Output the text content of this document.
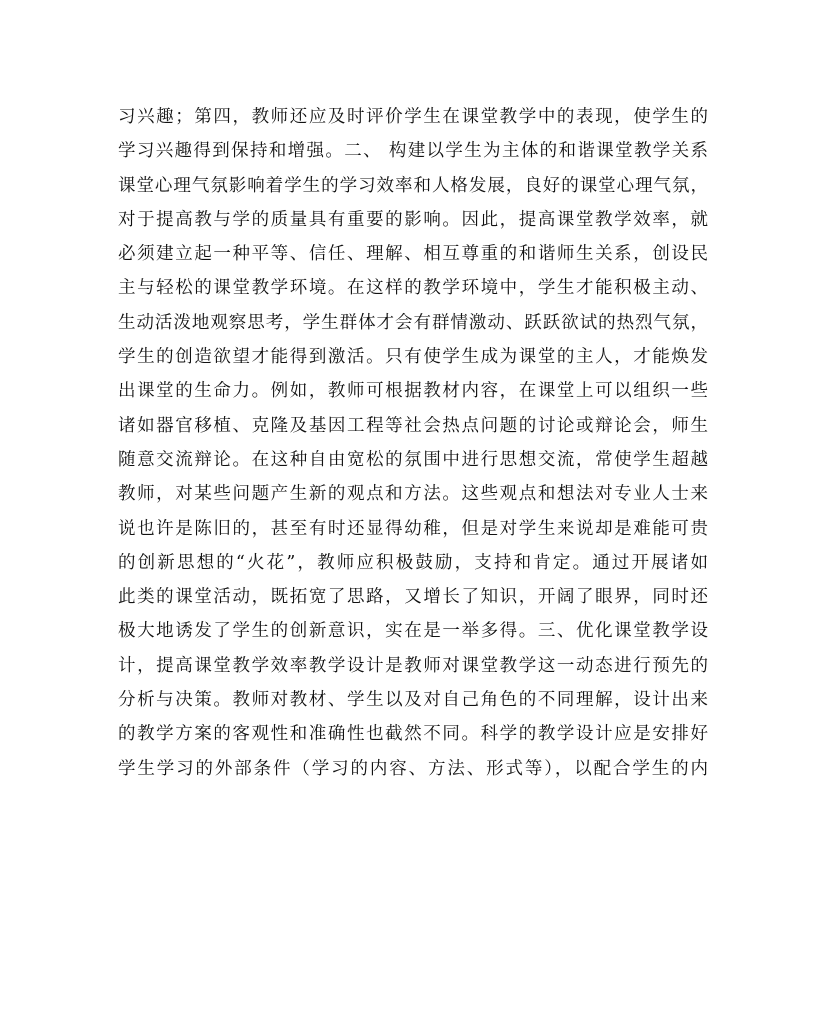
习兴趣；第四，教师还应及时评价学生在课堂教学中的表现，使学生的
学习兴趣得到保持和增强。二、 构建以学生为主体的和谐课堂教学关系
课堂心理气氛影响着学生的学习效率和人格发展，良好的课堂心理气氛，
对于提高教与学的质量具有重要的影响。因此，提高课堂教学效率，就
必须建立起一种平等、信任、理解、相互尊重的和谐师生关系，创设民
主与轻松的课堂教学环境。在这样的教学环境中，学生才能积极主动、
生动活泼地观察思考，学生群体才会有群情激动、跃跃欲试的热烈气氛，
学生的创造欲望才能得到激活。只有使学生成为课堂的主人，才能焕发
出课堂的生命力。例如，教师可根据教材内容，在课堂上可以组织一些
诸如器官移植、克隆及基因工程等社会热点问题的讨论或辩论会，师生
随意交流辩论。在这种自由宽松的氛围中进行思想交流，常使学生超越
教师，对某些问题产生新的观点和方法。这些观点和想法对专业人士来
说也许是陈旧的，甚至有时还显得幼稚，但是对学生来说却是难能可贵
的创新思想的“火花”，教师应积极鼓励，支持和肯定。通过开展诸如
此类的课堂活动，既拓宽了思路，又增长了知识，开阔了眼界，同时还
极大地诱发了学生的创新意识，实在是一举多得。三、优化课堂教学设
计，提高课堂教学效率教学设计是教师对课堂教学这一动态进行预先的
分析与决策。教师对教材、学生以及对自己角色的不同理解，设计出来
的教学方案的客观性和准确性也截然不同。科学的教学设计应是安排好
学生学习的外部条件（学习的内容、方法、形式等），以配合学生的内
